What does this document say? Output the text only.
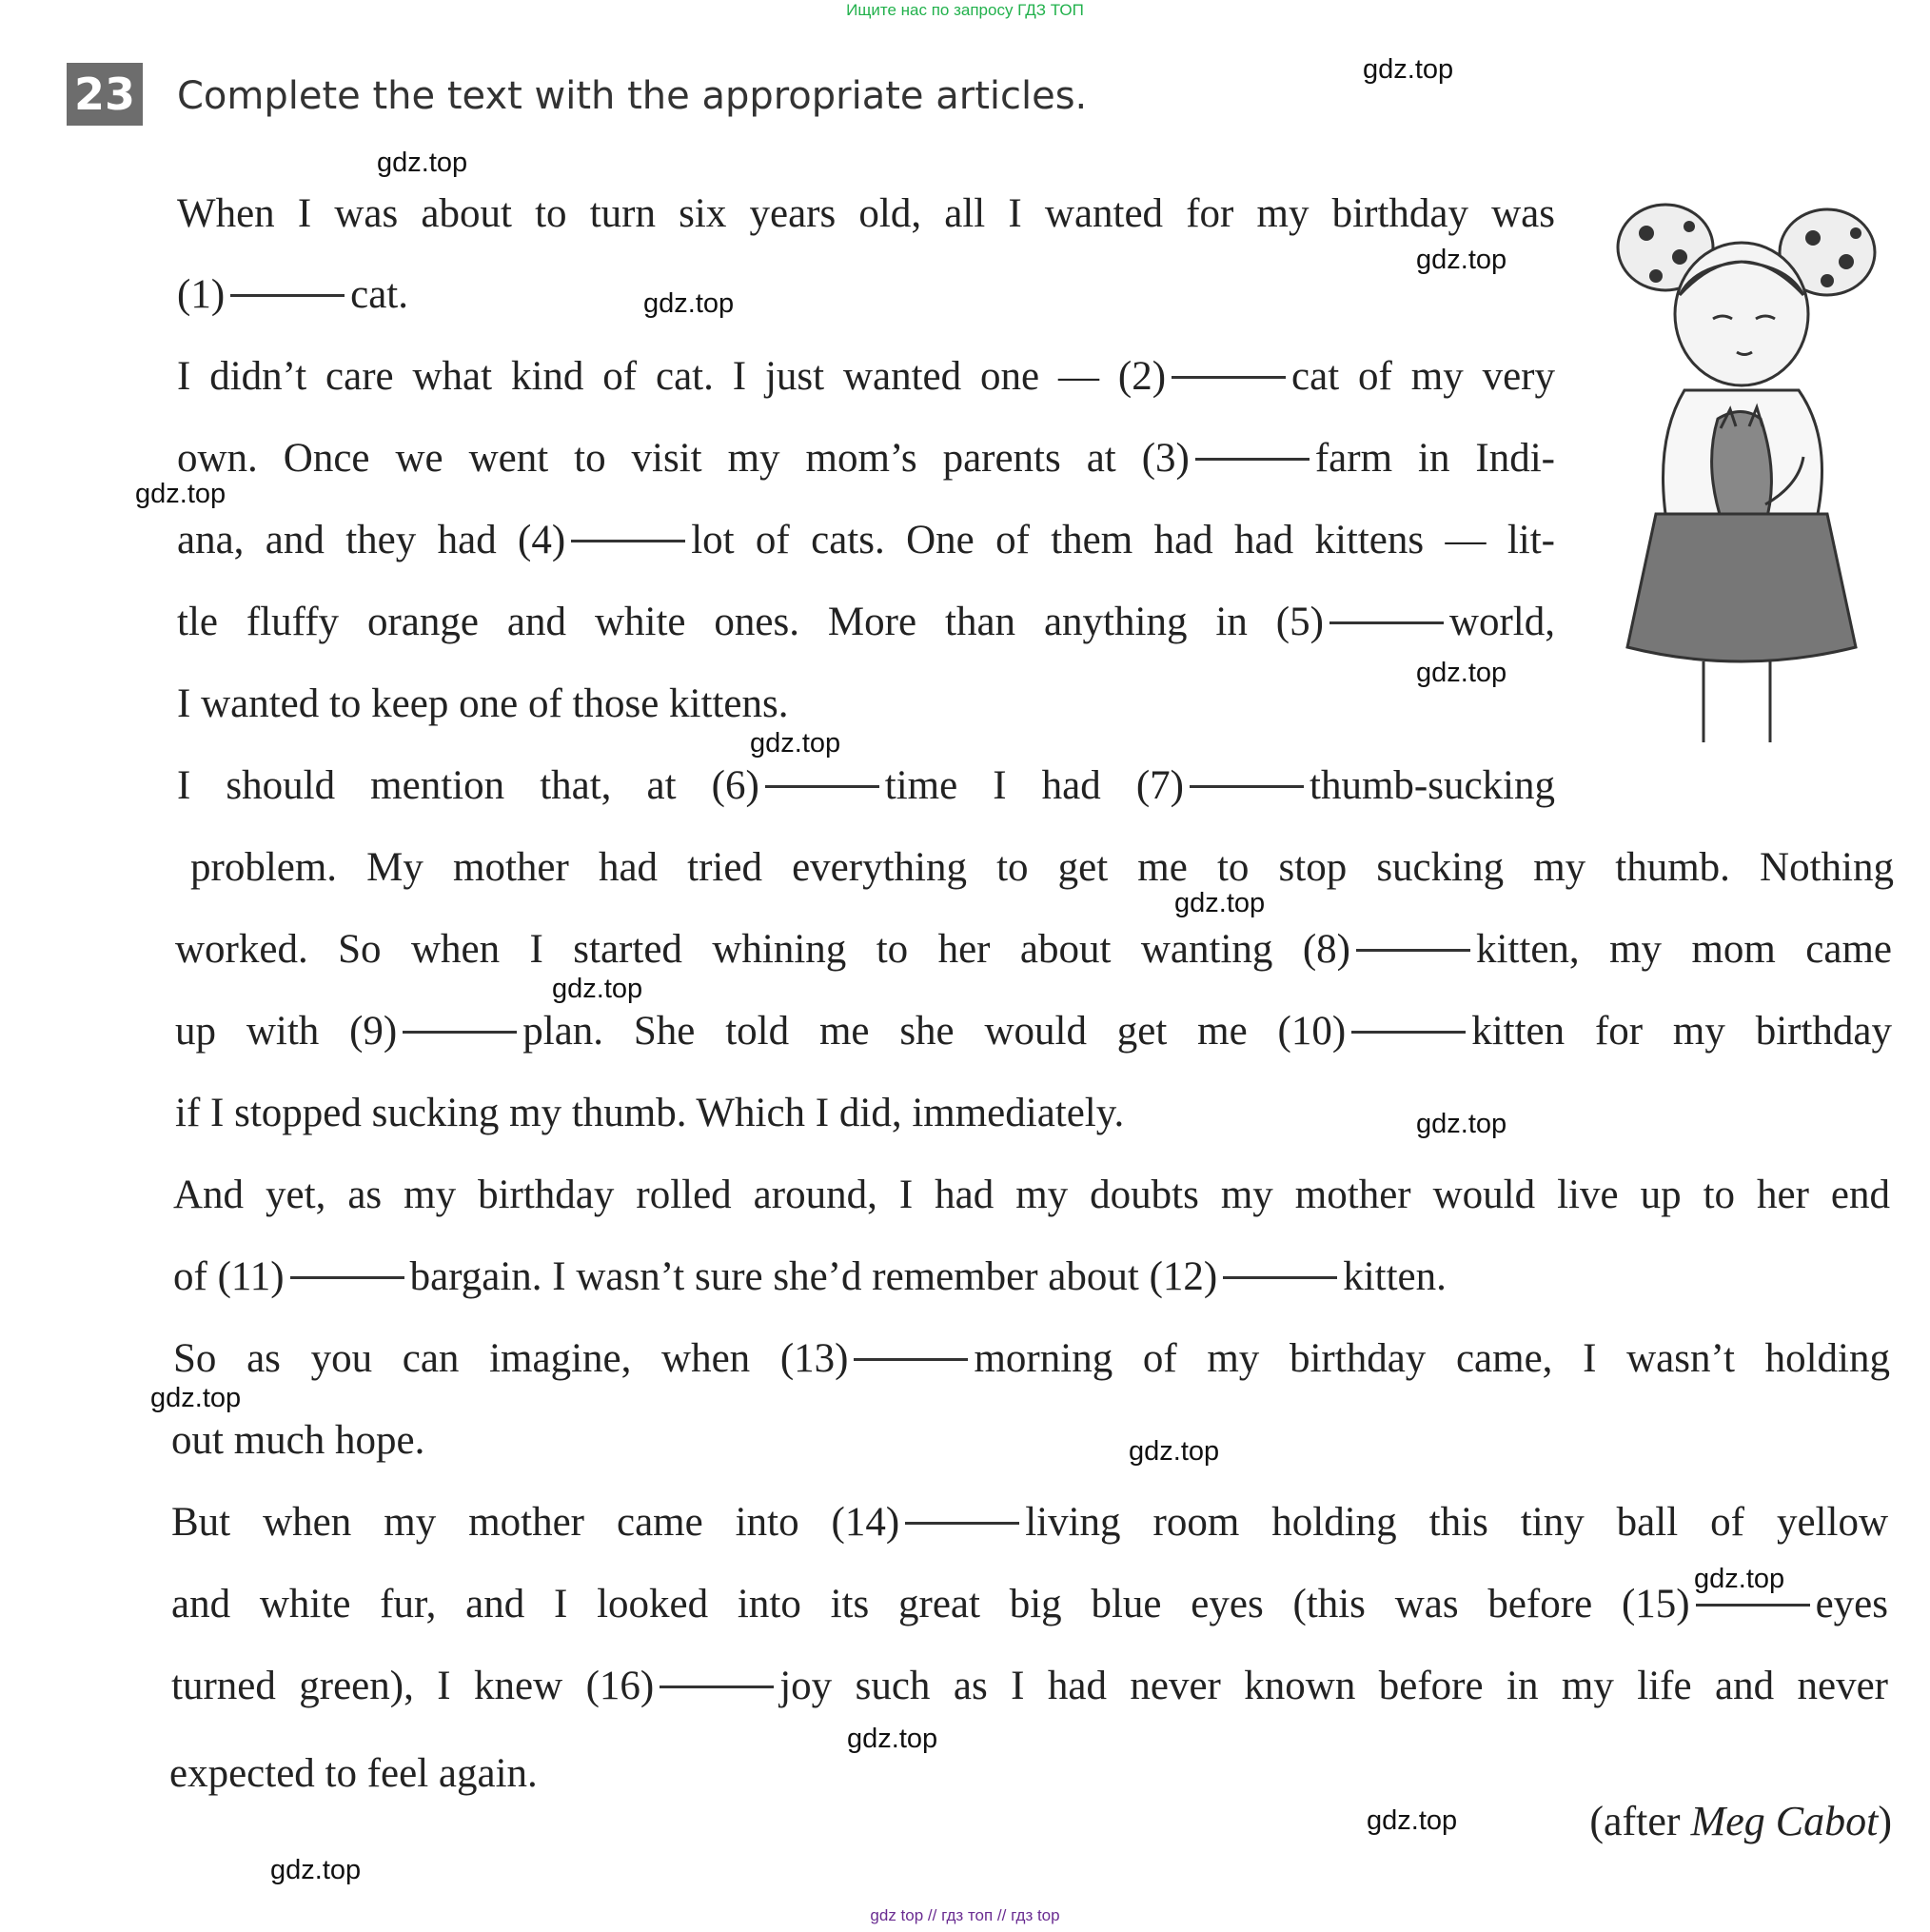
Ищите нас по запросу ГДЗ ТОП
23 Complete the text with the appropriate articles.
When I was about to turn six years old, all I wanted for my birthday was
(1)	cat.
I didn’t care what kind of cat. I just wanted one — (2)	cat of my very
own. Once we went to visit my mom’s parents at (3)	farm in Indi-
ana, and they had (4)	lot of cats. One of them had had kittens — lit-
tle fluffy orange and white ones. More than anything in (5)	world,
I wanted to keep one of those kittens.
I should mention that, at (6)	time I had (7)	thumb-sucking
problem. My mother had tried everything to get me to stop sucking my thumb. Nothing
worked. So when I started whining to her about wanting (8)	kitten, my mom came
up with (9)	plan. She told me she would get me (10)	kitten for my birthday
if I stopped sucking my thumb. Which I did, immediately.
And yet, as my birthday rolled around, I had my doubts my mother would live up to her end
of (11)	bargain. I wasn’t sure she’d remember about (12)	kitten.
So as you can imagine, when (13)	morning of my birthday came, I wasn’t holding
out much hope.
But when my mother came into (14)	living room holding this tiny ball of yellow
and white fur, and I looked into its great big blue eyes (this was before (15)	eyes
turned green), I knew (16)	joy such as I had never known before in my life and never
expected to feel again.
(after Meg Cabot)
gdz.top
gdz.top
gdz.top
gdz.top
gdz.top
gdz.top
gdz.top
gdz.top
gdz.top
gdz.top
gdz.top
gdz.top
gdz.top
gdz.top
gdz.top
gdz.top
gdz top // гдз топ // гдз top
